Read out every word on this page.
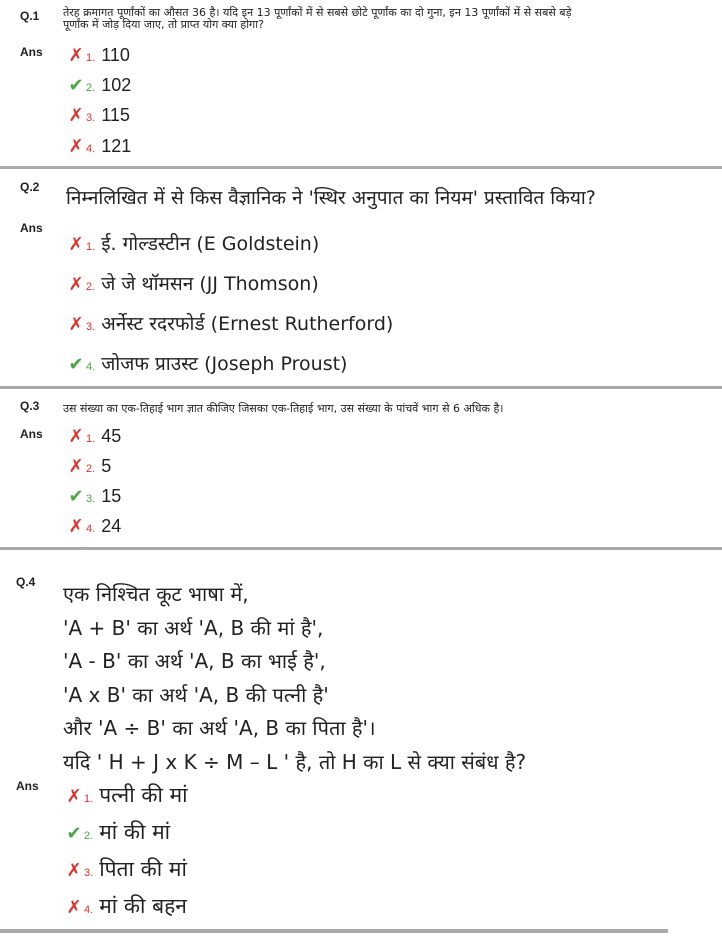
Q.1 तेरह क्रमागत पूर्णांकों का औसत 36 है। यदि इन 13 पूर्णांकों में से सबसे छोटे पूर्णांक का दो गुना, इन 13 पूर्णांकों में से सबसे बड़े
पूर्णांक में जोड़ दिया जाए, तो प्राप्त योग क्या होगा?
Ans ✗ 1. 110
✔ 2. 102
✗ 3. 115
✗ 4. 121
Q.2 निम्नलिखित में से किस वैज्ञानिक ने 'स्थिर अनुपात का नियम' प्रस्तावित किया?
Ans
✗ 1. ई. गोल्डस्टीन (E Goldstein)
✗ 2. जे जे थॉमसन (JJ Thomson)
✗ 3. अर्नेस्ट रदरफोर्ड (Ernest Rutherford)
✔ 4. जोजफ प्राउस्ट (Joseph Proust)
Q.3 उस संख्या का एक-तिहाई भाग ज्ञात कीजिए जिसका एक-तिहाई भाग, उस संख्या के पांचवें भाग से 6 अधिक है।
Ans ✗ 1. 45
✗ 2. 5
✔ 3. 15
✗ 4. 24
Q.4 एक निश्चित कूट भाषा में,
'A + B' का अर्थ 'A, B की मां है',
'A - B' का अर्थ 'A, B का भाई है',
'A x B' का अर्थ 'A, B की पत्नी है'
और 'A ÷ B' का अर्थ 'A, B का पिता है'।
यदि ' H + J x K ÷ M – L ' है, तो H का L से क्या संबंध है?
Ans ✗ 1. पत्नी की मां
✔ 2. मां की मां
✗ 3. पिता की मां
✗ 4. मां की बहन
